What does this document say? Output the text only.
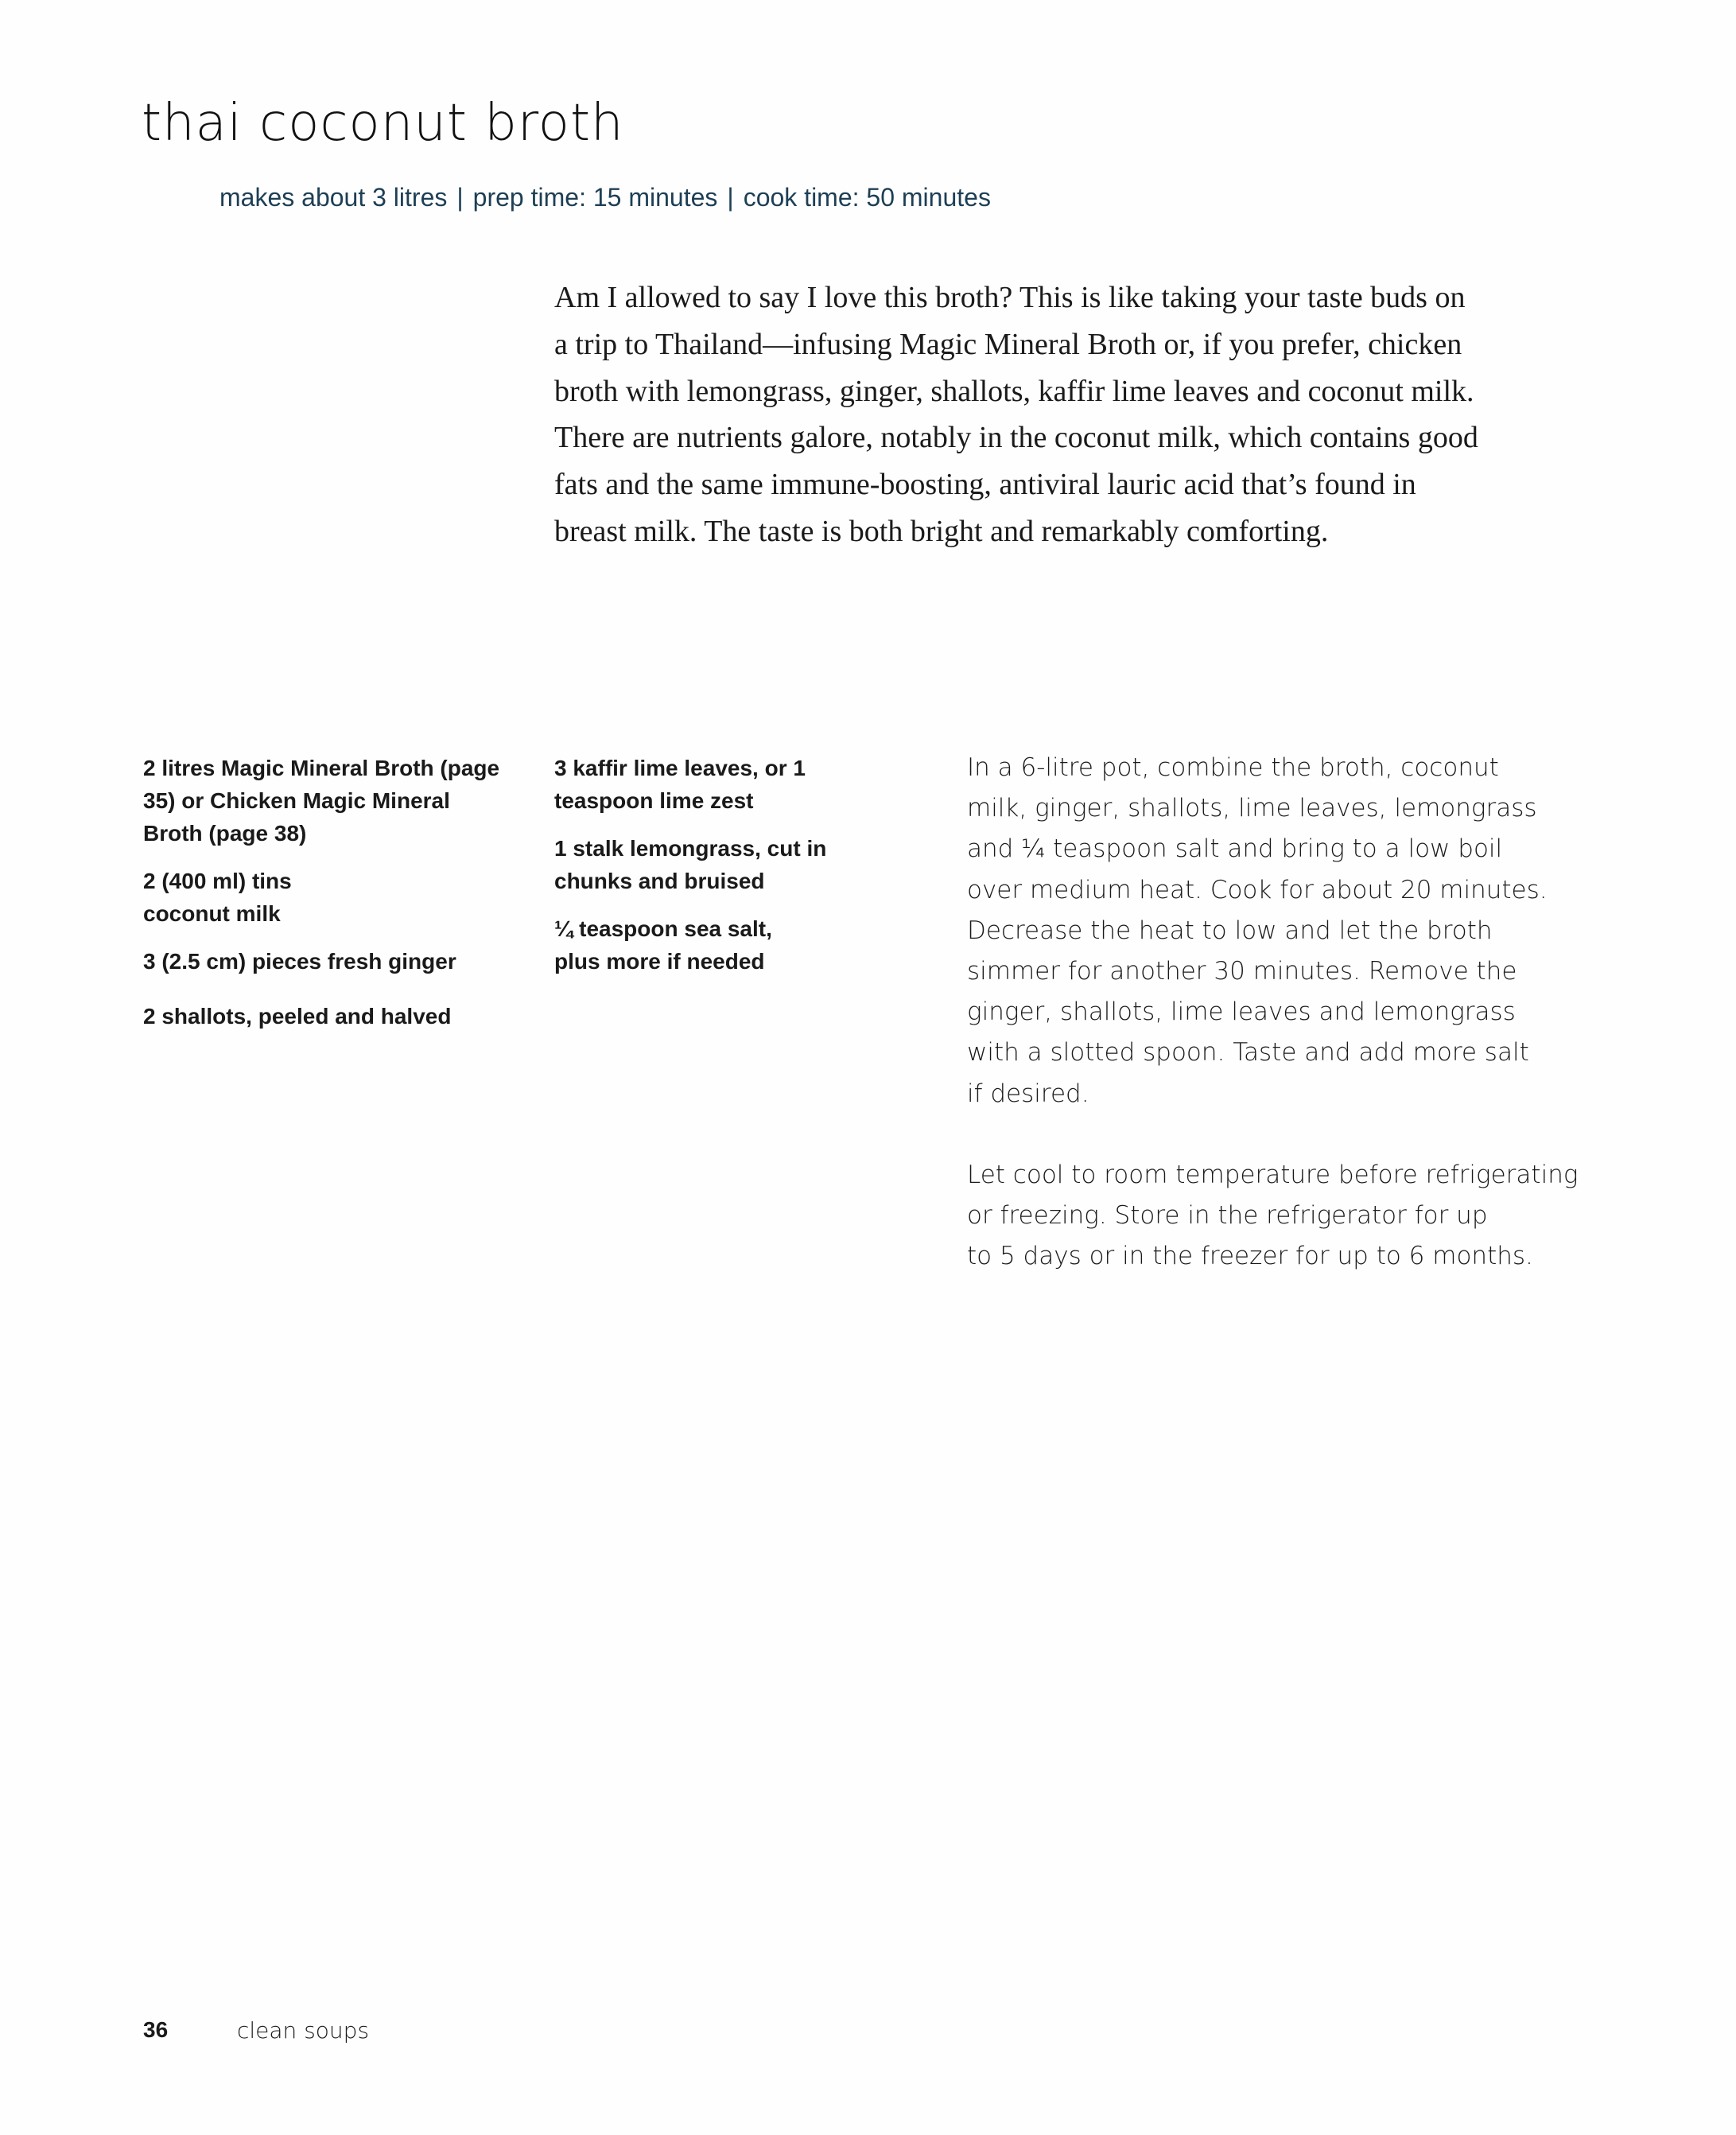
thai coconut broth
makes about 3 litres | prep time: 15 minutes | cook time: 50 minutes
Am I allowed to say I love this broth? This is like taking your taste buds on
a trip to Thailand—infusing Magic Mineral Broth or, if you prefer, chicken
broth with lemongrass, ginger, shallots, kaffir lime leaves and coconut milk.
There are nutrients galore, notably in the coconut milk, which contains good
fats and the same immune-boosting, antiviral lauric acid that’s found in
breast milk. The taste is both bright and remarkably comforting.
2 litres Magic Mineral Broth (page 35) or Chicken Magic Mineral Broth (page 38)
2 (400 ml) tins coconut milk
3 (2.5 cm) pieces fresh ginger
2 shallots, peeled and halved
3 kaffir lime leaves, or 1 teaspoon lime zest
1 stalk lemongrass, cut in chunks and bruised
¼ teaspoon sea salt, plus more if needed
In a 6-litre pot, combine the broth, coconut
milk, ginger, shallots, lime leaves, lemongrass
and ¼ teaspoon salt and bring to a low boil
over medium heat. Cook for about 20 minutes.
Decrease the heat to low and let the broth
simmer for another 30 minutes. Remove the
ginger, shallots, lime leaves and lemongrass
with a slotted spoon. Taste and add more salt
if desired.
Let cool to room temperature before refrigerating
or freezing. Store in the refrigerator for up
to 5 days or in the freezer for up to 6 months.
36	clean soups
